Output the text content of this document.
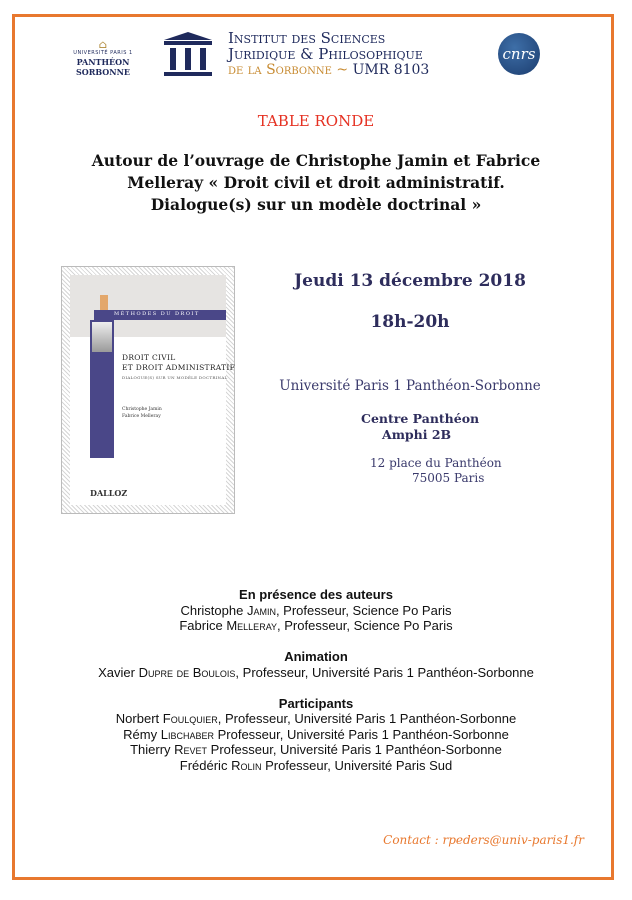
⌂
UNIVERSITÉ PARIS 1
PANTHÉON SORBONNE
Institut des Sciences
Juridique & Philosophique
de la Sorbonne ~ UMR 8103
cnrs
TABLE RONDE
Autour de l’ouvrage de Christophe Jamin et Fabrice
Melleray « Droit civil et droit administratif.
Dialogue(s) sur un modèle doctrinal »
MÉTHODES DU DROIT
DROIT CIVIL
ET DROIT ADMINISTRATIF
DIALOGUE(S) SUR UN MODÈLE DOCTRINAL
Christophe Jamin
Fabrice Melleray
DALLOZ
Jeudi 13 décembre 2018
18h-20h
Université Paris 1 Panthéon-Sorbonne
Centre Panthéon
Amphi 2B
12 place du Panthéon
75005 Paris
En présence des auteurs
Christophe Jamin, Professeur, Science Po Paris
Fabrice Melleray, Professeur, Science Po Paris
Animation
Xavier Dupre de Boulois, Professeur, Université Paris 1 Panthéon-Sorbonne
Participants
Norbert Foulquier, Professeur, Université Paris 1 Panthéon-Sorbonne
Rémy Libchaber Professeur, Université Paris 1 Panthéon-Sorbonne
Thierry Revet Professeur, Université Paris 1 Panthéon-Sorbonne
Frédéric Rolin Professeur, Université Paris Sud
Contact : rpeders@univ-paris1.fr
